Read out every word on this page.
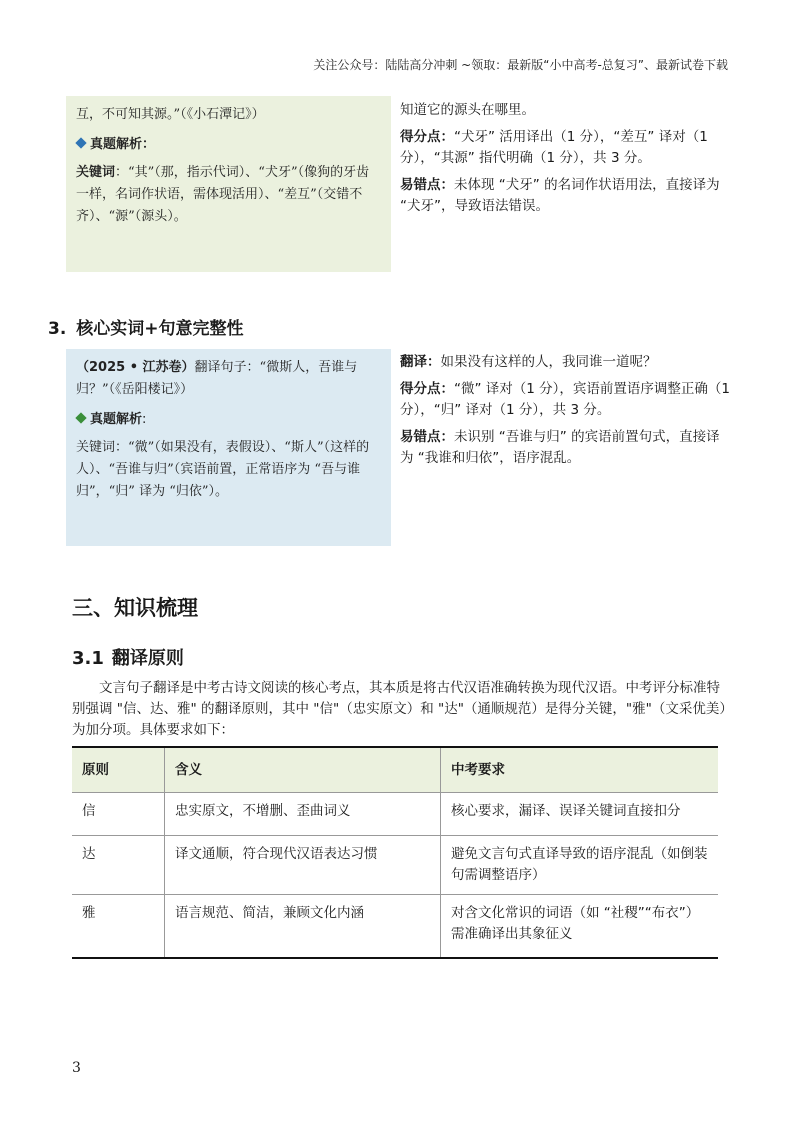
关注公众号：陆陆高分冲刺 ~领取：最新版“小中高考-总复习”、最新试卷下载

互，不可知其源。”（《小石潭记》）

真题解析：

关键词：“其”（那，指示代词）、“犬牙”（像狗的牙齿一样，名词作状语，需体现活用）、“差互”（交错不齐）、“源”（源头）。

知道它的源头在哪里。

得分点：“犬牙” 活用译出（1 分），“差互” 译对（1 分），“其源” 指代明确（1 分），共 3 分。

易错点：未体现 “犬牙” 的名词作状语用法，直接译为 “犬牙”，导致语法错误。

3. 核心实词+句意完整性

（2025 • 江苏卷）翻译句子：“微斯人，吾谁与归？”（《岳阳楼记》）

真题解析:

关键词：“微”（如果没有，表假设）、“斯人”（这样的人）、“吾谁与归”（宾语前置，正常语序为 “吾与谁归”，“归” 译为 “归依”）。

翻译：如果没有这样的人，我同谁一道呢？

得分点：“微” 译对（1 分），宾语前置语序调整正确（1 分），“归” 译对（1 分），共 3 分。

易错点：未识别 “吾谁与归” 的宾语前置句式，直接译为 “我谁和归依”，语序混乱。

三、知识梳理
3.1 翻译原则

文言句子翻译是中考古诗文阅读的核心考点，其本质是将古代汉语准确转换为现代汉语。中考评分标准特别强调 "信、达、雅" 的翻译原则，其中 "信"（忠实原文）和 "达"（通顺规范）是得分关键，"雅"（文采优美）为加分项。具体要求如下：

原则	含义	中考要求
信	忠实原文，不增删、歪曲词义	核心要求，漏译、误译关键词直接扣分
达	译文通顺，符合现代汉语表达习惯	避免文言句式直译导致的语序混乱（如倒装句需调整语序）
雅	语言规范、简洁，兼顾文化内涵	对含文化常识的词语（如 “社稷”“布衣”）需准确译出其象征义
3
